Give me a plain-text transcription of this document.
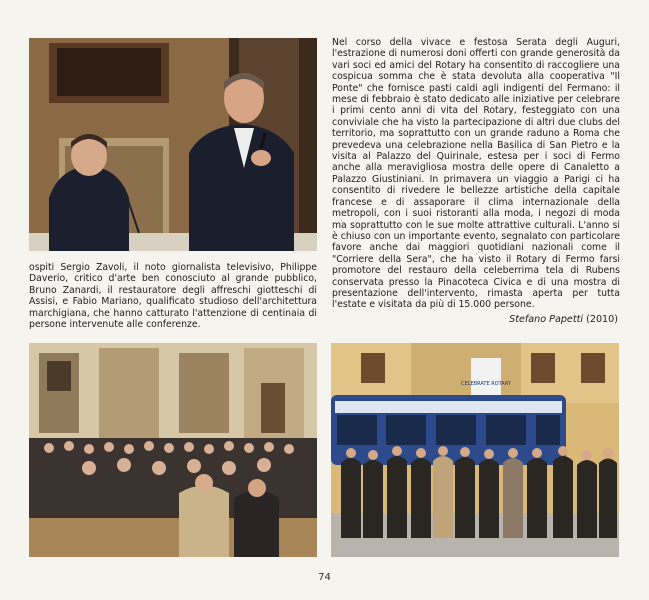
ospiti Sergio Zavoli, il noto giornalista televisivo, Philippe Daverio, critico d'arte ben conosciuto al grande pubblico, Bruno Zanardi, il restauratore degli affreschi giotteschi di Assisi, e Fabio Mariano, qualificato studioso dell'architettura marchigiana, che hanno catturato l'attenzione di centinaia di persone intervenute alle conferenze.

Nel corso della vivace e festosa Serata degli Auguri, l'estrazione di numerosi doni offerti con grande generosità da vari soci ed amici del Rotary ha consentito di raccogliere una cospicua somma che è stata devoluta alla cooperativa "Il Ponte" che fornisce pasti caldi agli indigenti del Fermano: il mese di febbraio è stato dedicato alle iniziative per celebrare i primi cento anni di vita del Rotary, festeggiato con una conviviale che ha visto la partecipazione di altri due clubs del territorio, ma soprattutto con un grande raduno a Roma che prevedeva una celebrazione nella Basilica di San Pietro e la visita al Palazzo del Quirinale, estesa per i soci di Fermo anche alla meravigliosa mostra delle opere di Canaletto a Palazzo Giustiniani. In primavera un viaggio a Parigi ci ha consentito di rivedere le bellezze artistiche della capitale francese e di assaporare il clima internazionale della metropoli, con i suoi ristoranti alla moda, i negozi di moda ma soprattutto con le sue molte attrattive culturali. L'anno si è chiuso con un importante evento, segnalato con particolare favore anche dai maggiori quotidiani nazionali come il "Corriere della Sera", che ha visto il Rotary di Fermo farsi promotore del restauro della celeberrima tela di Rubens conservata presso la Pinacoteca Civica e di una mostra di presentazione dell'intervento, rimasta aperta per tutta l'estate e visitata da più di 15.000 persone.

Stefano Papetti (2010)
CELEBRATE ROTARY
74
